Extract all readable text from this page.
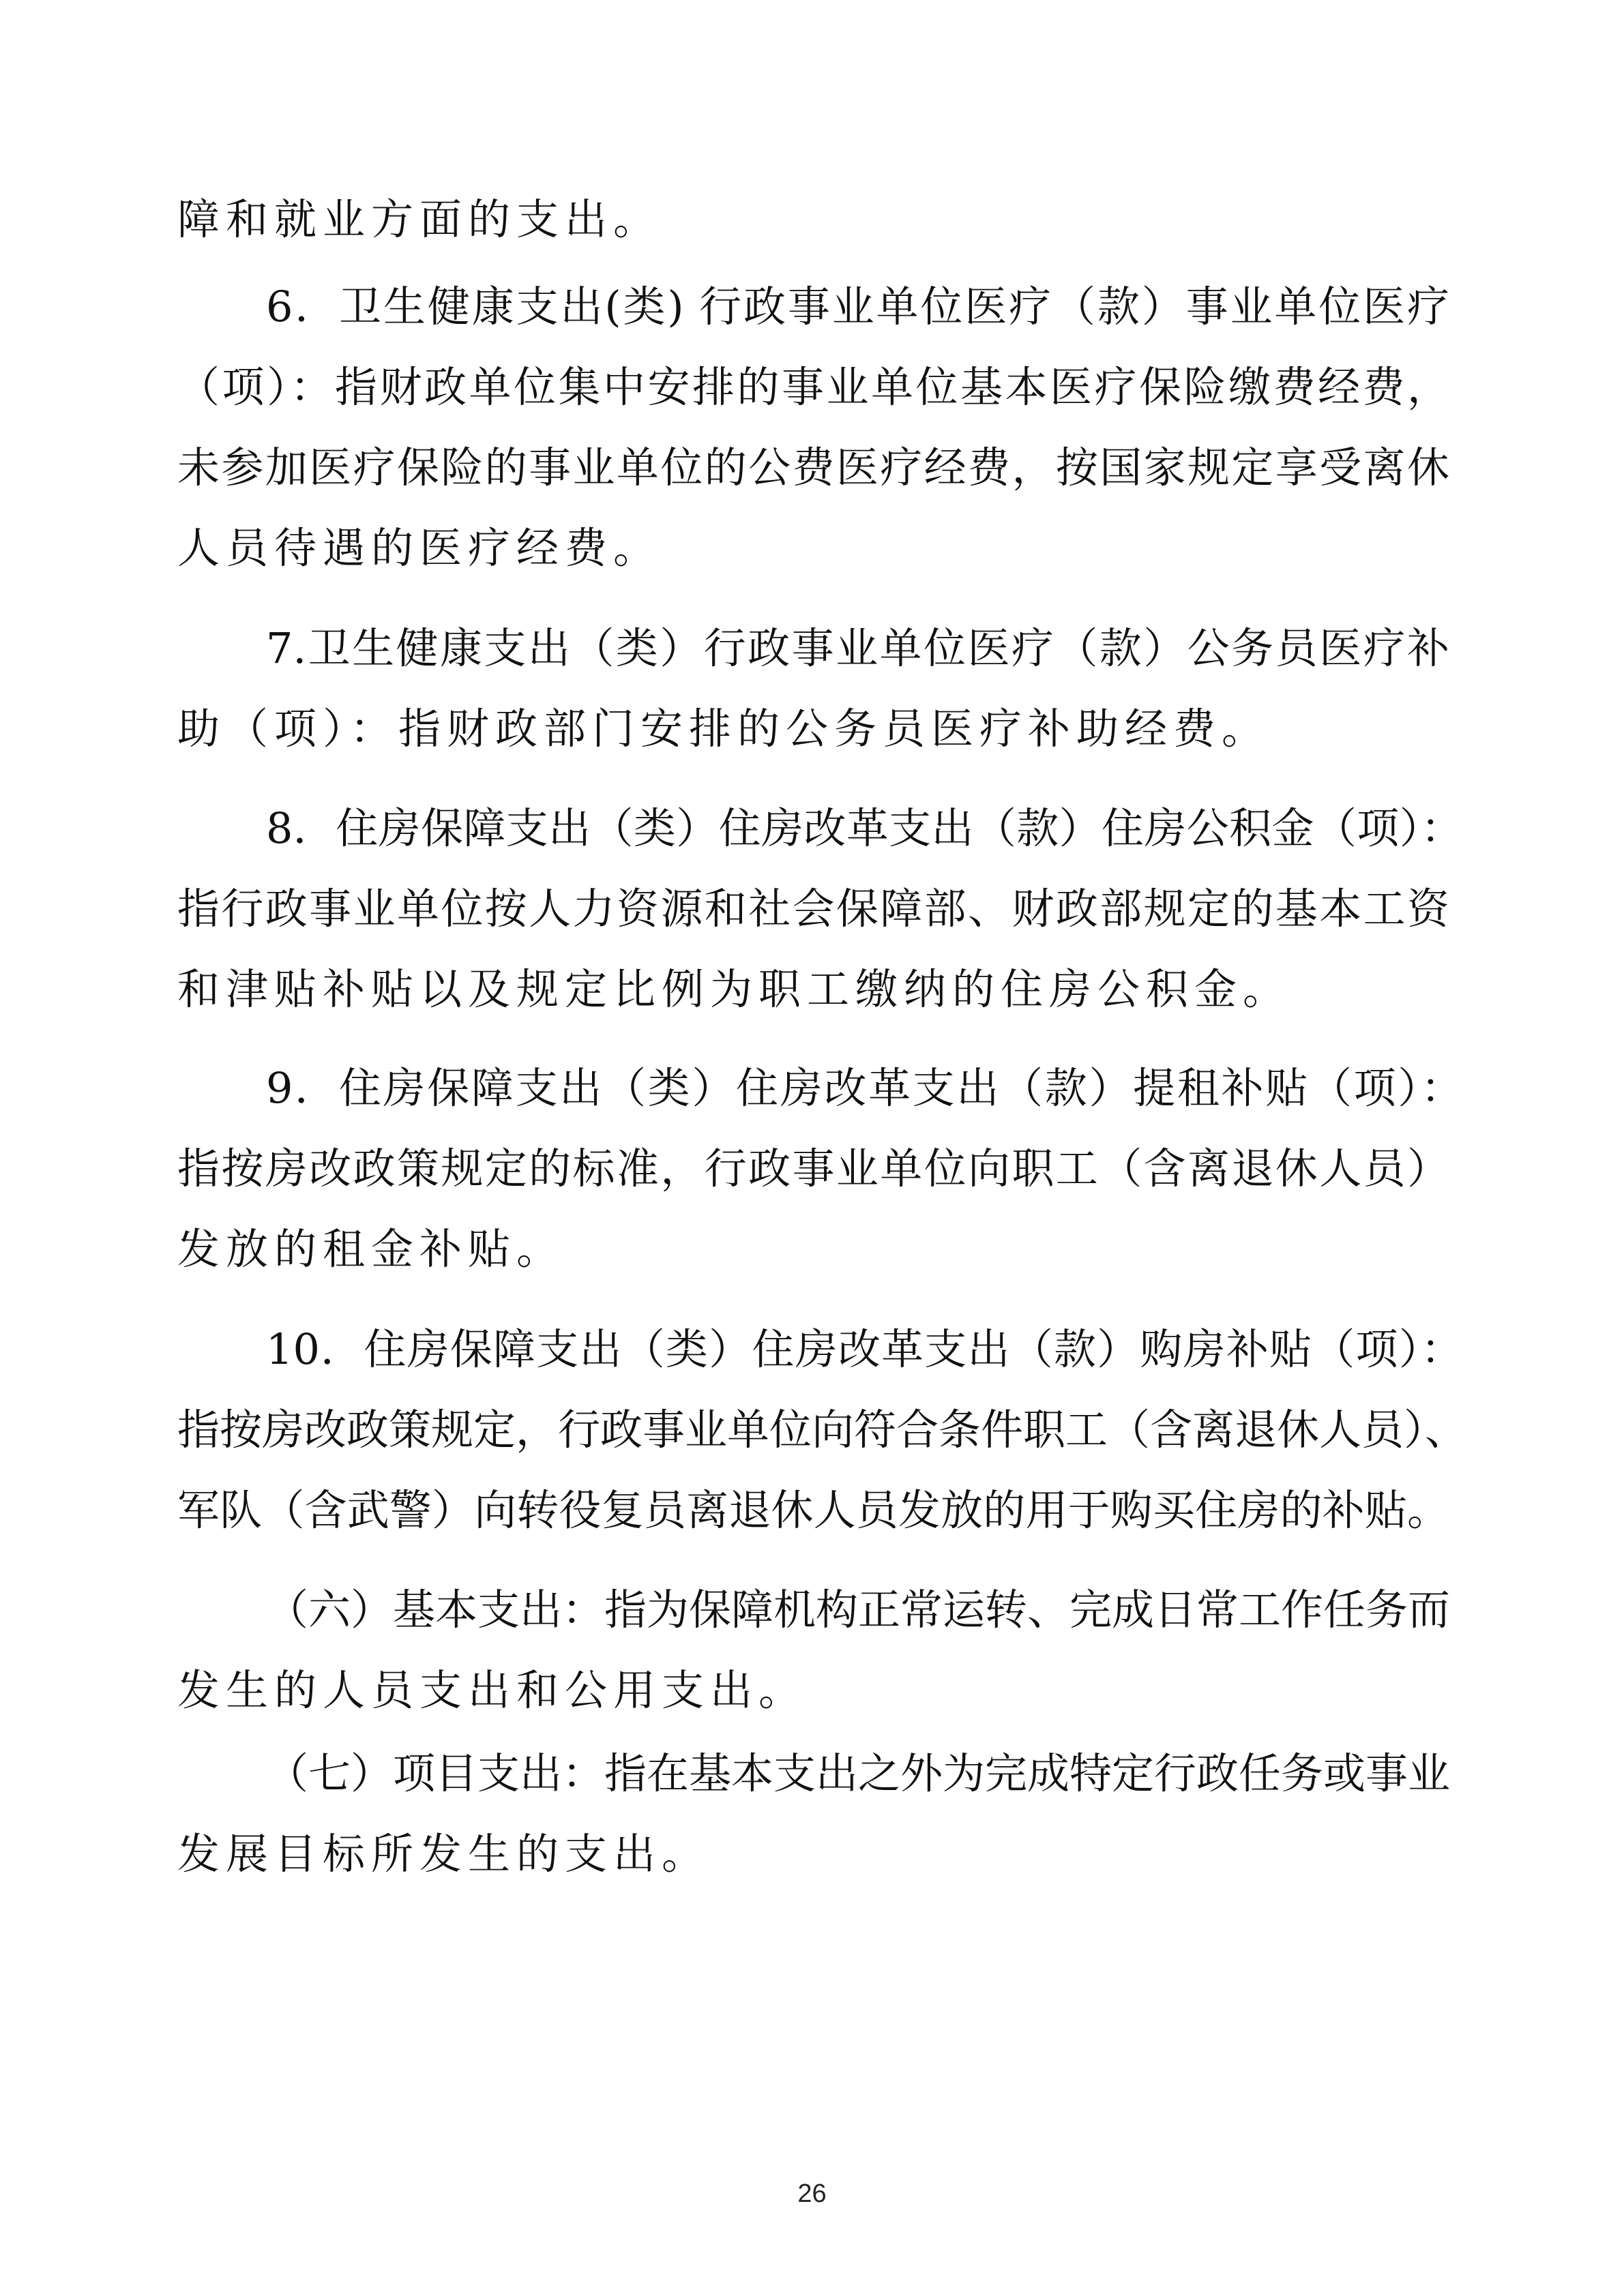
障和就业方面的支出。
6．卫生健康支出(类) 行政事业单位医疗（款）事业单位医疗
（项）：指财政单位集中安排的事业单位基本医疗保险缴费经费，
未参加医疗保险的事业单位的公费医疗经费，按国家规定享受离休
人员待遇的医疗经费。
7.卫生健康支出（类）行政事业单位医疗（款）公务员医疗补
助（项）：指财政部门安排的公务员医疗补助经费。
8．住房保障支出（类）住房改革支出（款）住房公积金（项）：
指行政事业单位按人力资源和社会保障部、财政部规定的基本工资
和津贴补贴以及规定比例为职工缴纳的住房公积金。
9．住房保障支出（类）住房改革支出（款）提租补贴（项）：
指按房改政策规定的标准，行政事业单位向职工（含离退休人员）
发放的租金补贴。
10．住房保障支出（类）住房改革支出（款）购房补贴（项）：
指按房改政策规定，行政事业单位向符合条件职工（含离退休人员）、
军队（含武警）向转役复员离退休人员发放的用于购买住房的补贴。
（六）基本支出：指为保障机构正常运转、完成日常工作任务而
发生的人员支出和公用支出。
（七）项目支出：指在基本支出之外为完成特定行政任务或事业
发展目标所发生的支出。
26
